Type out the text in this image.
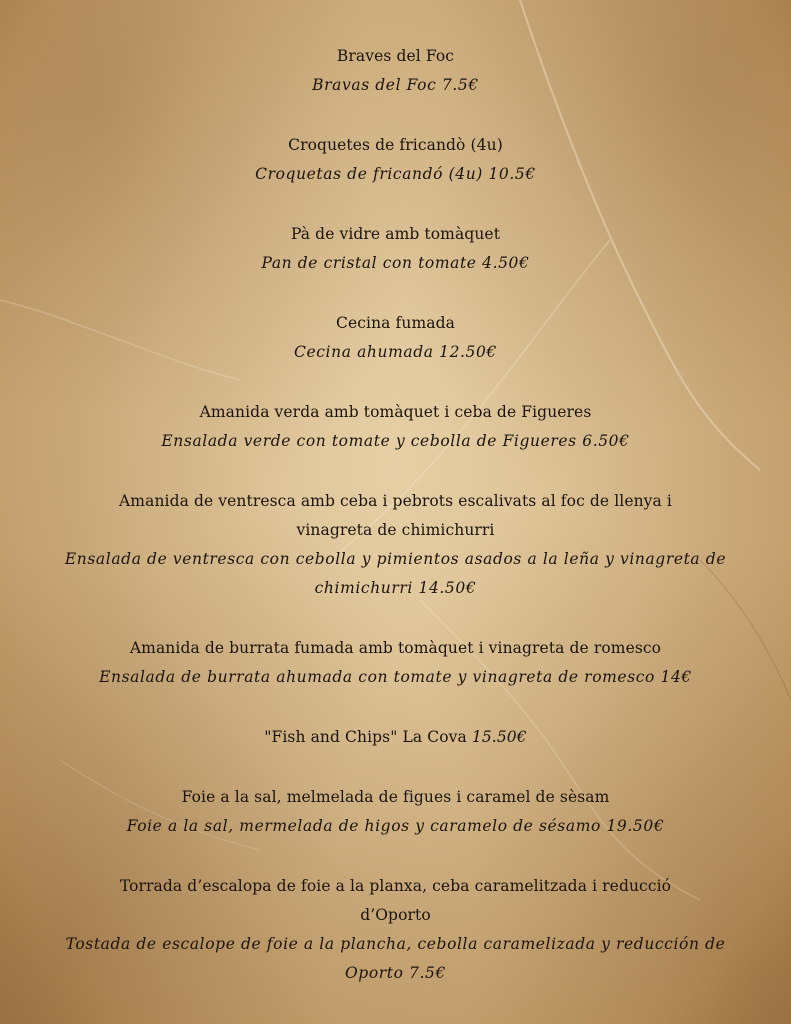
Braves del Foc
Bravas del Foc 7.5€
Croquetes de fricandò (4u)
Croquetas de fricandó (4u) 10.5€
Pà de vidre amb tomàquet
Pan de cristal con tomate 4.50€
Cecina fumada
Cecina ahumada 12.50€
Amanida verda amb tomàquet i ceba de Figueres
Ensalada verde con tomate y cebolla de Figueres 6.50€
Amanida de ventresca amb ceba i pebrots escalivats al foc de llenya i vinagreta de chimichurri
Ensalada de ventresca con cebolla y pimientos asados a la leña y vinagreta de chimichurri 14.50€
Amanida de burrata fumada amb tomàquet i vinagreta de romesco
Ensalada de burrata ahumada con tomate y vinagreta de romesco 14€
"Fish and Chips" La Cova 15.50€
Foie a la sal, melmelada de figues i caramel de sèsam
Foie a la sal, mermelada de higos y caramelo de sésamo 19.50€
Torrada d’escalopa de foie a la planxa, ceba caramelitzada i reducció d’Oporto
Tostada de escalope de foie a la plancha, cebolla caramelizada y reducción de Oporto 7.5€
